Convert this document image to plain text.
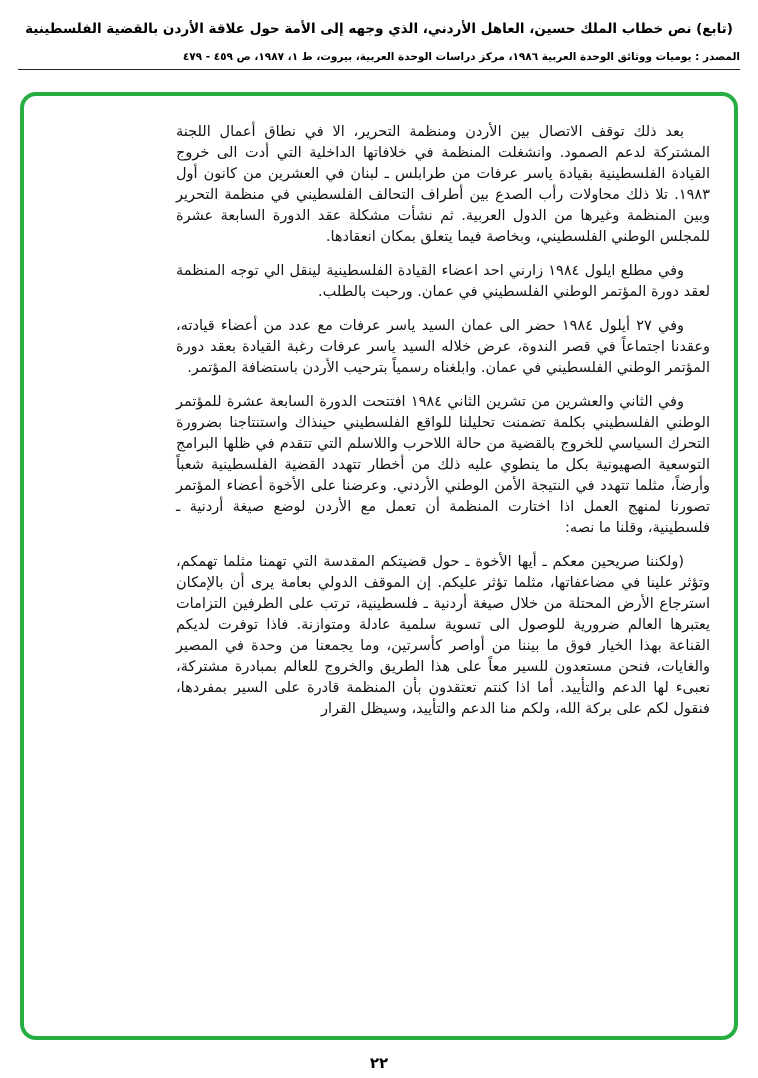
(تابع) نص خطاب الملك حسين، العاهل الأردني، الذي وجهه إلى الأمة حول علاقة الأردن بالقضية الفلسطينية
المصدر : يوميات ووثائق الوحدة العربية ١٩٨٦، مركز دراسات الوحدة العربية، بيروت، ط ١، ١٩٨٧، ص ٤٥٩ - ٤٧٩

بعد ذلك توقف الاتصال بين الأردن ومنظمة التحرير، الا في نطاق أعمال اللجنة المشتركة لدعم الصمود. وانشغلت المنظمة في خلافاتها الداخلية التي أدت الى خروج القيادة الفلسطينية بقيادة ياسر عرفات من طرابلس ـ لبنان في العشرين من كانون أول ١٩٨٣. تلا ذلك محاولات رأب الصدع بين أطراف التحالف الفلسطيني في منظمة التحرير وبين المنظمة وغيرها من الدول العربية. ثم نشأت مشكلة عقد الدورة السابعة عشرة للمجلس الوطني الفلسطيني، وبخاصة فيما يتعلق بمكان انعقادها.

وفي مطلع ايلول ١٩٨٤ زارني احد اعضاء القيادة الفلسطينية لينقل الي توجه المنظمة لعقد دورة المؤتمر الوطني الفلسطيني في عمان. ورحبت بالطلب.

وفي ٢٧ أيلول ١٩٨٤ حضر الى عمان السيد ياسر عرفات مع عدد من أعضاء قيادته، وعقدنا اجتماعاً في قصر الندوة، عرض خلاله السيد ياسر عرفات رغبة القيادة بعقد دورة المؤتمر الوطني الفلسطيني في عمان. وابلغناه رسمياً بترحيب الأردن باستضافة المؤتمر.

وفي الثاني والعشرين من تشرين الثاني ١٩٨٤ افتتحت الدورة السابعة عشرة للمؤتمر الوطني الفلسطيني بكلمة تضمنت تحليلنا للواقع الفلسطيني حينذاك واستنتاجنا بضرورة التحرك السياسي للخروج بالقضية من حالة اللاحرب واللاسلم التي تتقدم في ظلها البرامج التوسعية الصهيونية بكل ما ينطوي عليه ذلك من أخطار تتهدد القضية الفلسطينية شعباً وأرضاً، مثلما تتهدد في النتيجة الأمن الوطني الأردني. وعرضنا على الأخوة أعضاء المؤتمر تصورنا لمنهج العمل اذا اختارت المنظمة أن تعمل مع الأردن لوضع صيغة أردنية ـ فلسطينية، وقلنا ما نصه:

(ولكننا صريحين معكم ـ أيها الأخوة ـ حول قضيتكم المقدسة التي تهمنا مثلما تهمكم، وتؤثر علينا في مضاعفاتها، مثلما تؤثر عليكم. إن الموقف الدولي بعامة يرى أن بالإمكان استرجاع الأرض المحتلة من خلال صيغة أردنية ـ فلسطينية، ترتب على الطرفين التزامات يعتبرها العالم ضرورية للوصول الى تسوية سلمية عادلة ومتوازنة. فاذا توفرت لديكم القناعة بهذا الخيار فوق ما بيننا من أواصر كأسرتين، وما يجمعنا من وحدة في المصير والغايات، فنحن مستعدون للسير معاً على هذا الطريق والخروج للعالم بمبادرة مشتركة، نعبىء لها الدعم والتأييد. أما اذا كنتم تعتقدون بأن المنظمة قادرة على السير بمفردها، فنقول لكم على بركة الله، ولكم منا الدعم والتأييد، وسيظل القرار

٢٢
